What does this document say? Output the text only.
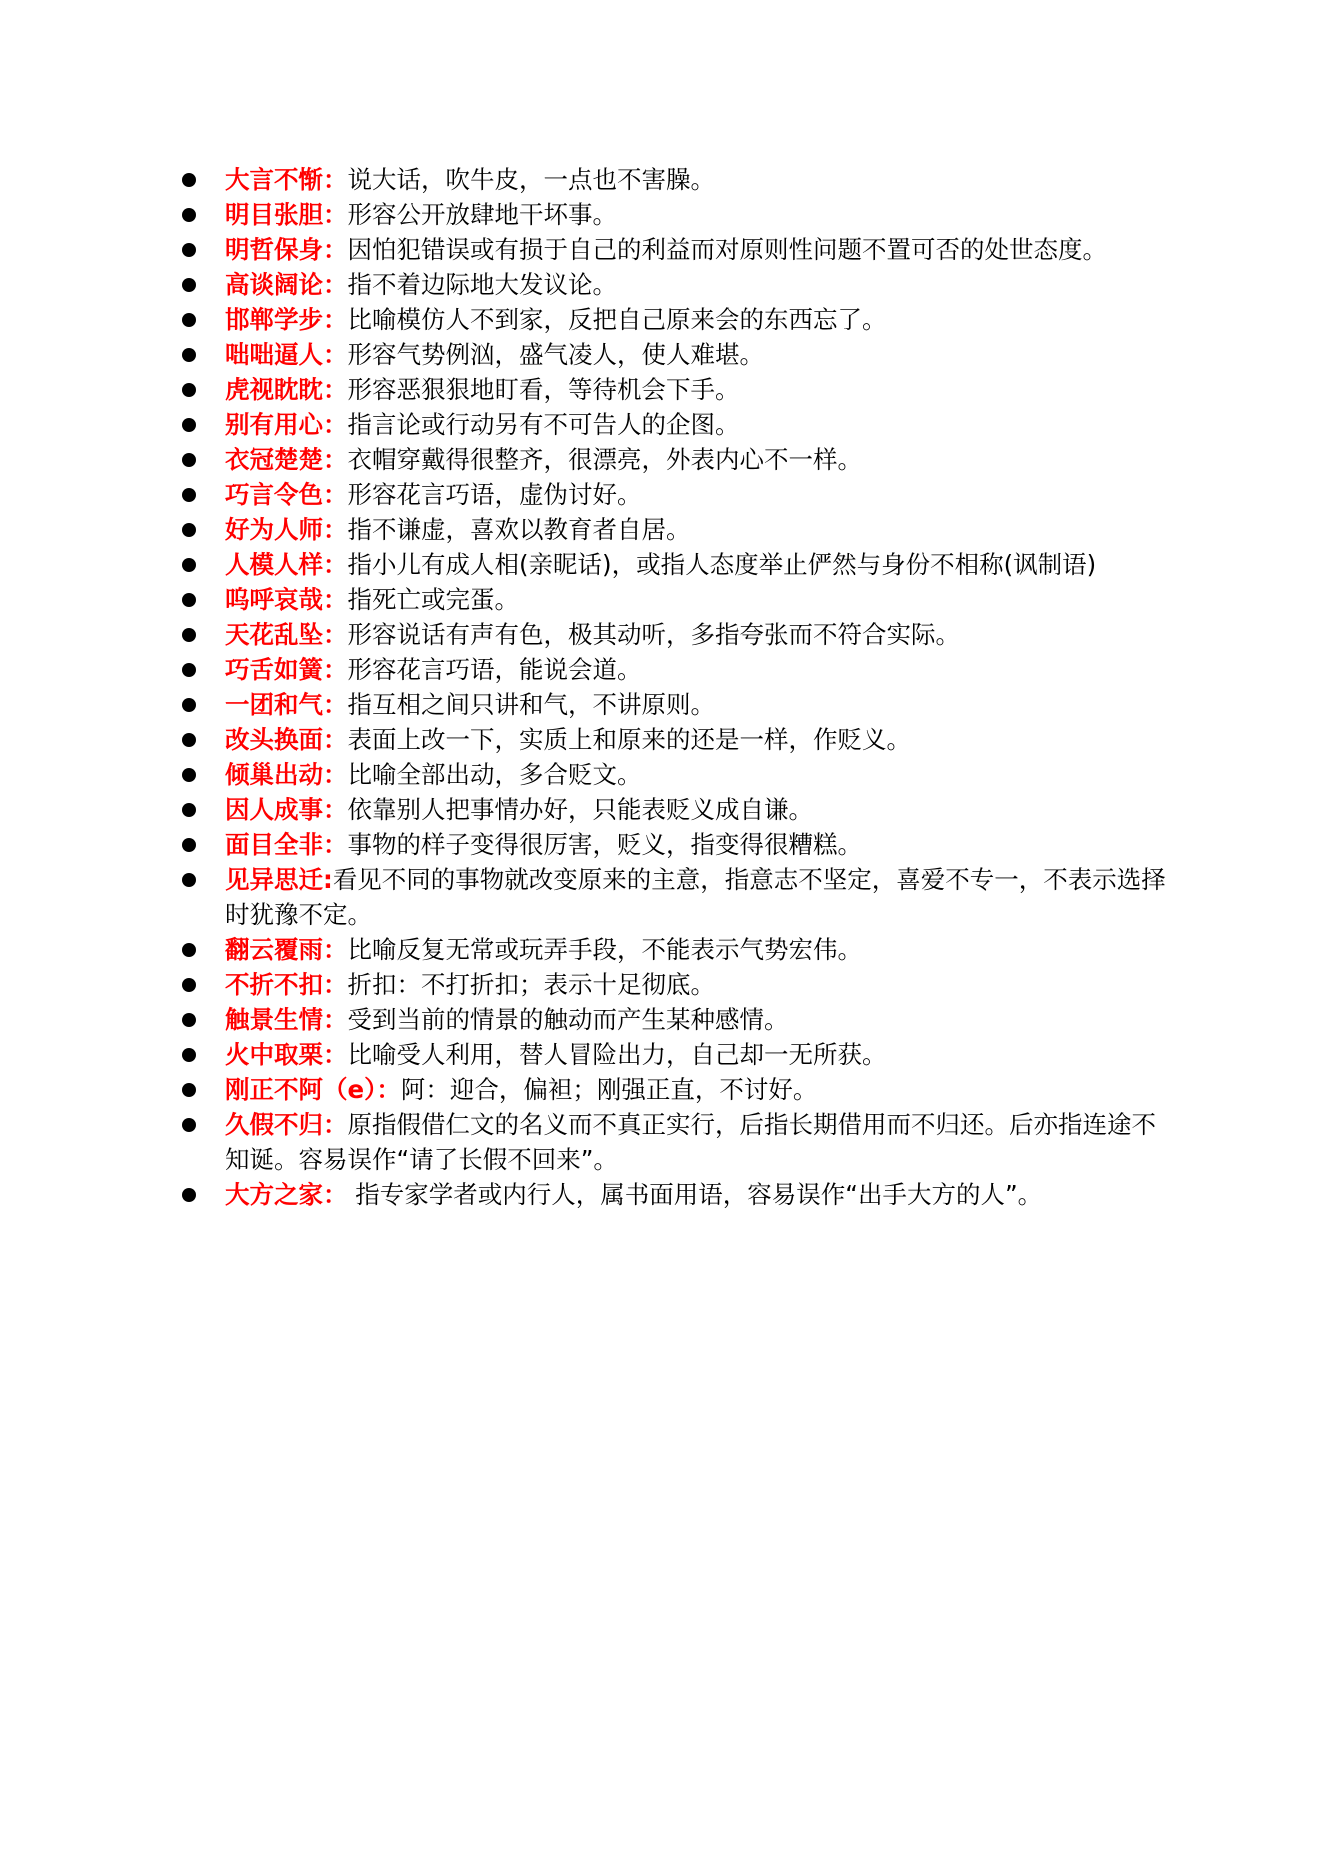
大言不惭：说大话，吹牛皮，一点也不害臊。
明目张胆：形容公开放肆地干坏事。
明哲保身：因怕犯错误或有损于自己的利益而对原则性问题不置可否的处世态度。
高谈阔论：指不着边际地大发议论。
邯郸学步：比喻模仿人不到家，反把自己原来会的东西忘了。
咄咄逼人：形容气势例汹，盛气凌人，使人难堪。
虎视眈眈：形容恶狠狠地盯看，等待机会下手。
别有用心：指言论或行动另有不可告人的企图。
衣冠楚楚：衣帽穿戴得很整齐，很漂亮，外表内心不一样。
巧言令色：形容花言巧语，虚伪讨好。
好为人师：指不谦虚，喜欢以教育者自居。
人模人样：指小儿有成人相(亲昵话)，或指人态度举止俨然与身份不相称(讽制语)
呜呼哀哉：指死亡或完蛋。
天花乱坠：形容说话有声有色，极其动听，多指夸张而不符合实际。
巧舌如簧：形容花言巧语，能说会道。
一团和气：指互相之间只讲和气，不讲原则。
改头换面：表面上改一下，实质上和原来的还是一样，作贬义。
倾巢出动：比喻全部出动，多合贬文。
因人成事：依靠别人把事情办好，只能表贬义成自谦。
面目全非：事物的样子变得很厉害，贬义，指变得很糟糕。
见异思迁:看见不同的事物就改变原来的主意，指意志不坚定，喜爱不专一，不表示选择时犹豫不定。
翻云覆雨：比喻反复无常或玩弄手段，不能表示气势宏伟。
不折不扣：折扣：不打折扣；表示十足彻底。
触景生情：受到当前的情景的触动而产生某种感情。
火中取栗：比喻受人利用，替人冒险出力，自己却一无所获。
刚正不阿（e）：阿：迎合，偏袒；刚强正直，不讨好。
久假不归：原指假借仁文的名义而不真正实行，后指长期借用而不归还。后亦指连途不知诞。容易误作“请了长假不回来”。
大方之家： 指专家学者或内行人，属书面用语，容易误作“出手大方的人”。
